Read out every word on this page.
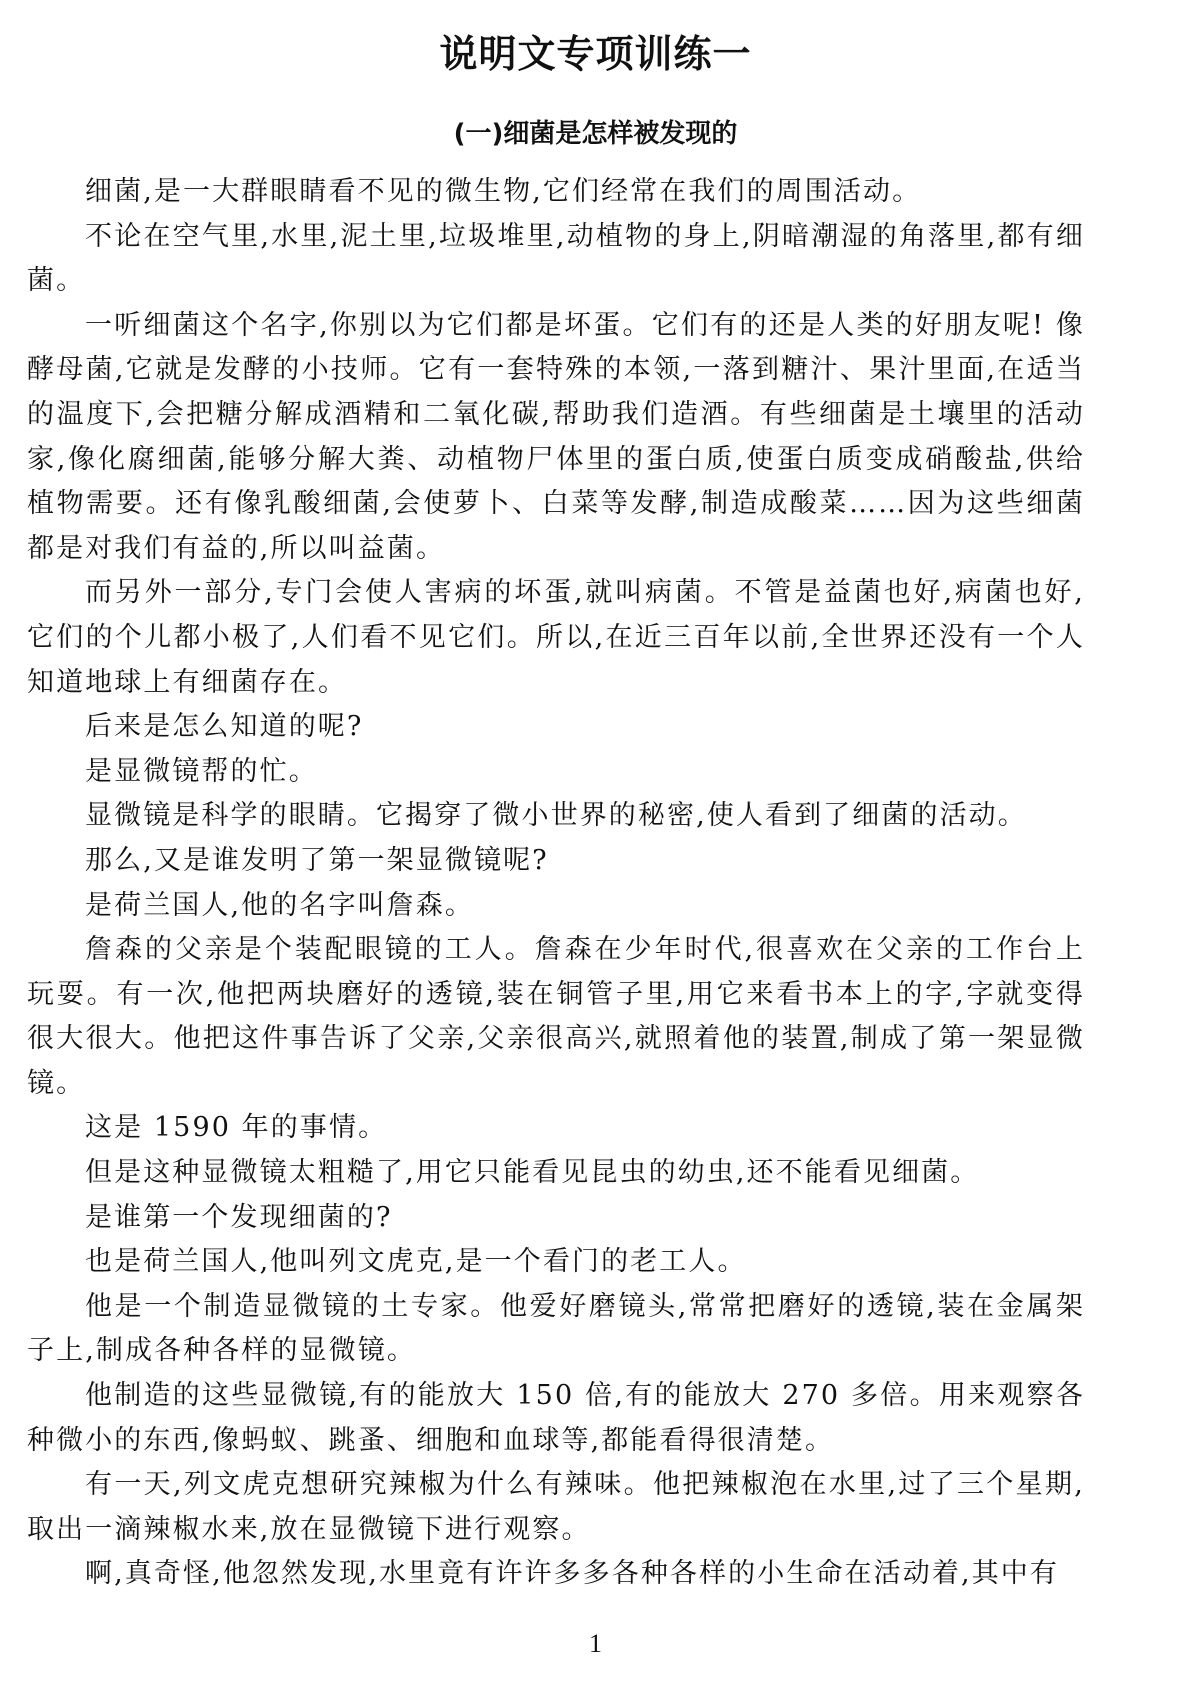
说明文专项训练一
(一)细菌是怎样被发现的

细菌,是一大群眼睛看不见的微生物,它们经常在我们的周围活动。

不论在空气里,水里,泥土里,垃圾堆里,动植物的身上,阴暗潮湿的角落里,都有细菌。

一听细菌这个名字,你别以为它们都是坏蛋。它们有的还是人类的好朋友呢! 像酵母菌,它就是发酵的小技师。它有一套特殊的本领,一落到糖汁、果汁里面,在适当的温度下,会把糖分解成酒精和二氧化碳,帮助我们造酒。有些细菌是土壤里的活动家,像化腐细菌,能够分解大粪、动植物尸体里的蛋白质,使蛋白质变成硝酸盐,供给植物需要。还有像乳酸细菌,会使萝卜、白菜等发酵,制造成酸菜……因为这些细菌都是对我们有益的,所以叫益菌。

而另外一部分,专门会使人害病的坏蛋,就叫病菌。不管是益菌也好,病菌也好,它们的个儿都小极了,人们看不见它们。所以,在近三百年以前,全世界还没有一个人知道地球上有细菌存在。

后来是怎么知道的呢?

是显微镜帮的忙。

显微镜是科学的眼睛。它揭穿了微小世界的秘密,使人看到了细菌的活动。

那么,又是谁发明了第一架显微镜呢?

是荷兰国人,他的名字叫詹森。

詹森的父亲是个装配眼镜的工人。詹森在少年时代,很喜欢在父亲的工作台上玩耍。有一次,他把两块磨好的透镜,装在铜管子里,用它来看书本上的字,字就变得很大很大。他把这件事告诉了父亲,父亲很高兴,就照着他的装置,制成了第一架显微镜。

这是 1590 年的事情。

但是这种显微镜太粗糙了,用它只能看见昆虫的幼虫,还不能看见细菌。

是谁第一个发现细菌的?

也是荷兰国人,他叫列文虎克,是一个看门的老工人。

他是一个制造显微镜的土专家。他爱好磨镜头,常常把磨好的透镜,装在金属架子上,制成各种各样的显微镜。

他制造的这些显微镜,有的能放大 150 倍,有的能放大 270 多倍。用来观察各种微小的东西,像蚂蚁、跳蚤、细胞和血球等,都能看得很清楚。

有一天,列文虎克想研究辣椒为什么有辣味。他把辣椒泡在水里,过了三个星期,取出一滴辣椒水来,放在显微镜下进行观察。

啊,真奇怪,他忽然发现,水里竟有许许多多各种各样的小生命在活动着,其中有

1
